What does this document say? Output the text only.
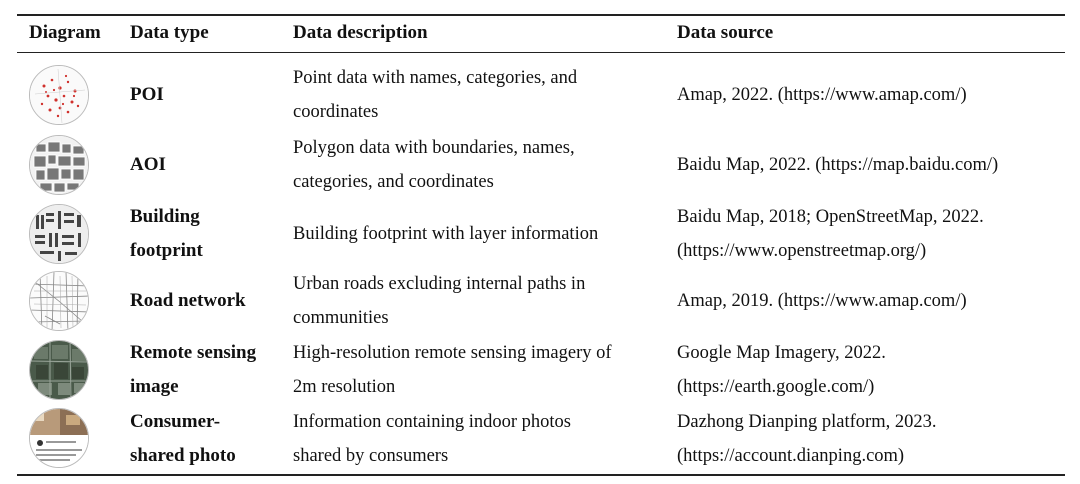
Diagram Data type	Data description	Data source
POI
Point data with names, categories, and
coordinates
Amap, 2022. (https://www.amap.com/)
AOI
Polygon data with boundaries, names,
categories, and coordinates
Baidu Map, 2022. (https://map.baidu.com/)
Building
footprint
Building footprint with layer information
Baidu Map, 2018; OpenStreetMap, 2022.
(https://www.openstreetmap.org/)
Road network
Urban roads excluding internal paths in
communities
Amap, 2019. (https://www.amap.com/)
Remote sensing
image
High-resolution remote sensing imagery of
2m resolution
Google Map Imagery, 2022.
(https://earth.google.com/)
Consumer-
shared photo
Information containing indoor photos
shared by consumers
Dazhong Dianping platform, 2023.
(https://account.dianping.com)
